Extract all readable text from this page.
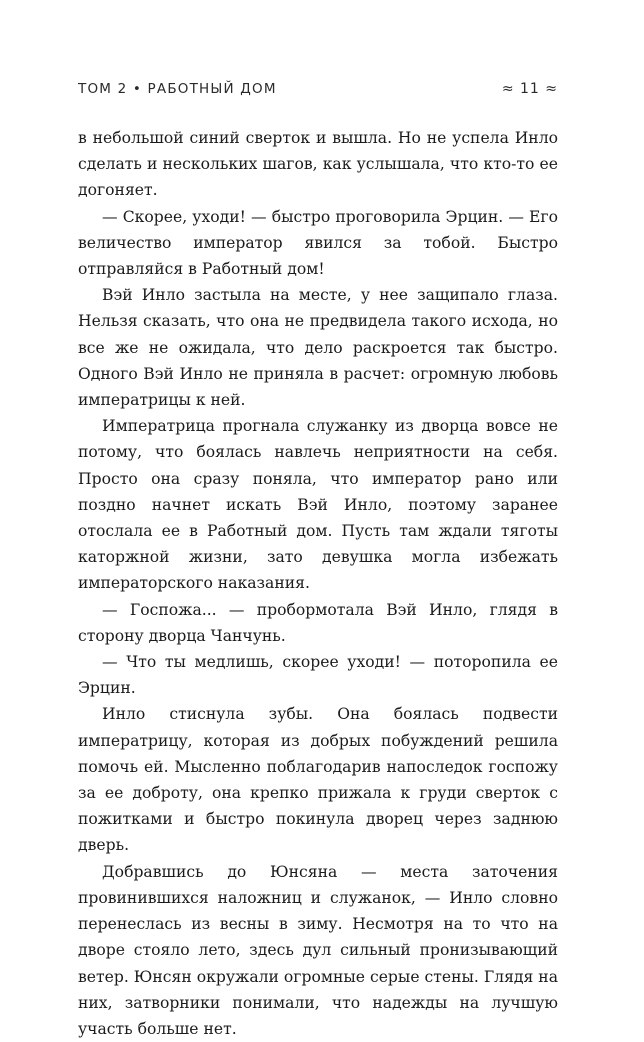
ТОМ 2 • РАБОТНЫЙ ДОМ	≈ 11 ≈

в небольшой синий сверток и вышла. Но не успела Инло сделать и нескольких шагов, как услышала, что кто-то ее догоняет.

— Скорее, уходи! — быстро проговорила Эрцин. — Его величество император явился за тобой. Быстро отправляйся в Работный дом!

Вэй Инло застыла на месте, у нее защипало глаза. Нельзя сказать, что она не предвидела такого исхода, но все же не ожидала, что дело раскроется так быстро. Одного Вэй Инло не приняла в расчет: огромную любовь императрицы к ней.

Императрица прогнала служанку из дворца вовсе не потому, что боялась навлечь неприятности на себя. Просто она сразу поняла, что император рано или поздно начнет искать Вэй Инло, поэтому заранее отослала ее в Работный дом. Пусть там ждали тяготы каторжной жизни, зато девушка могла избежать императорского наказания.

— Госпожа... — пробормотала Вэй Инло, глядя в сторону дворца Чанчунь.

— Что ты медлишь, скорее уходи! — поторопила ее Эрцин.

Инло стиснула зубы. Она боялась подвести императрицу, которая из добрых побуждений решила помочь ей. Мысленно поблагодарив напоследок госпожу за ее доброту, она крепко прижала к груди сверток с пожитками и быстро покинула дворец через заднюю дверь.

Добравшись до Юнсяна — места заточения провинившихся наложниц и служанок, — Инло словно перенеслась из весны в зиму. Несмотря на то что на дворе стояло лето, здесь дул сильный пронизывающий ветер. Юнсян окружали огромные серые стены. Глядя на них, затворники понимали, что надежды на лучшую участь больше нет.
